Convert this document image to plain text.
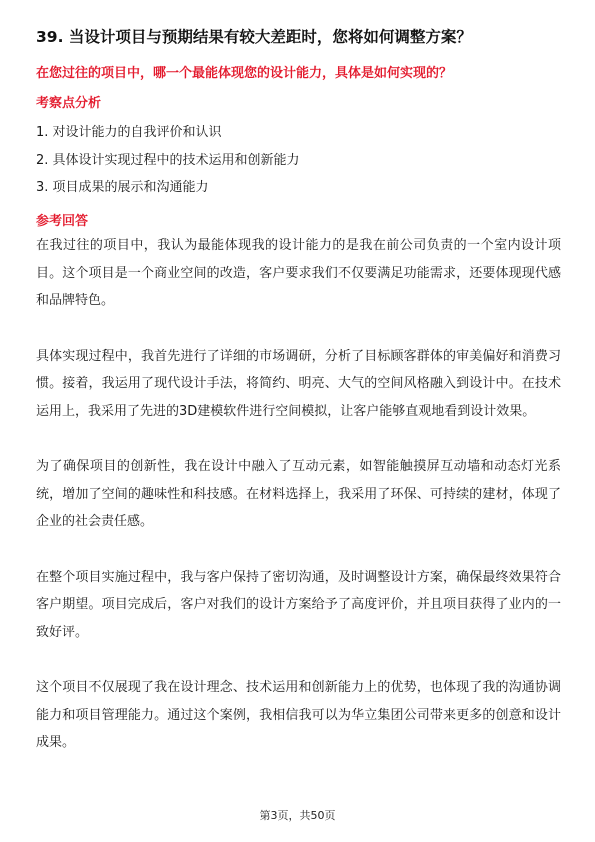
39. 当设计项目与预期结果有较大差距时，您将如何调整方案？

在您过往的项目中，哪一个最能体现您的设计能力，具体是如何实现的？

考察点分析
1. 对设计能力的自我评价和认识
2. 具体设计实现过程中的技术运用和创新能力
3. 项目成果的展示和沟通能力
参考回答

在我过往的项目中，我认为最能体现我的设计能力的是我在前公司负责的一个室内设计项目。这个项目是一个商业空间的改造，客户要求我们不仅要满足功能需求，还要体现现代感和品牌特色。

具体实现过程中，我首先进行了详细的市场调研，分析了目标顾客群体的审美偏好和消费习惯。接着，我运用了现代设计手法，将简约、明亮、大气的空间风格融入到设计中。在技术运用上，我采用了先进的3D建模软件进行空间模拟，让客户能够直观地看到设计效果。

为了确保项目的创新性，我在设计中融入了互动元素，如智能触摸屏互动墙和动态灯光系统，增加了空间的趣味性和科技感。在材料选择上，我采用了环保、可持续的建材，体现了企业的社会责任感。

在整个项目实施过程中，我与客户保持了密切沟通，及时调整设计方案，确保最终效果符合客户期望。项目完成后，客户对我们的设计方案给予了高度评价，并且项目获得了业内的一致好评。

这个项目不仅展现了我在设计理念、技术运用和创新能力上的优势，也体现了我的沟通协调能力和项目管理能力。通过这个案例，我相信我可以为华立集团公司带来更多的创意和设计成果。

第3页，共50页
